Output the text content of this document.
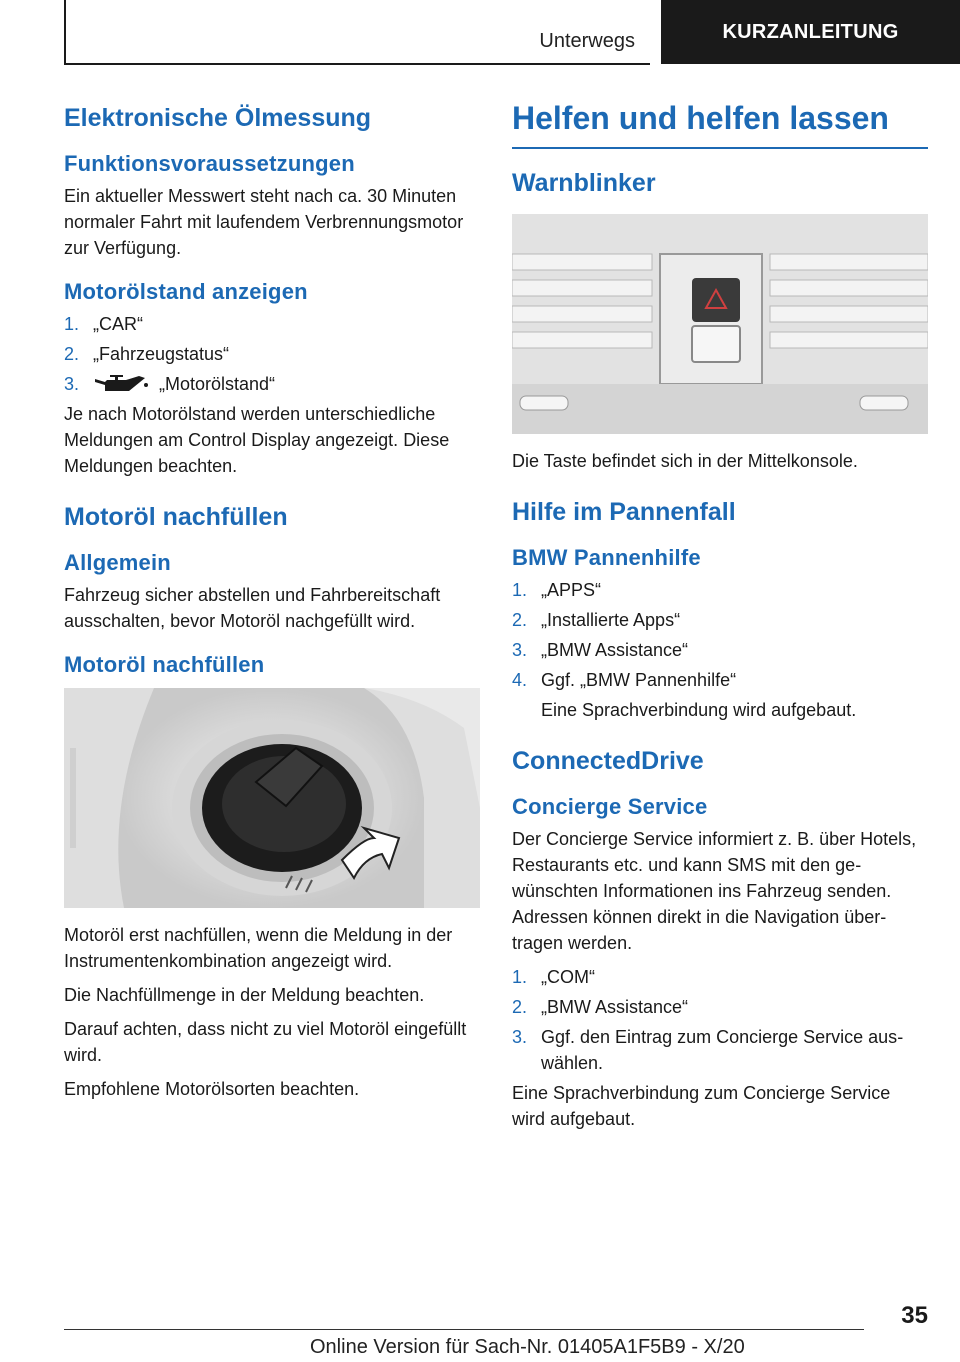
Unterwegs	KURZANLEITUNG
Elektronische Ölmessung
Funktionsvoraussetzungen

Ein aktueller Messwert steht nach ca. 30 Minuten normaler Fahrt mit laufendem Verbrennungsmotor zur Verfügung.

Motorölstand anzeigen
1. „CAR“
2. „Fahrzeugstatus“
3.	„Motorölstand“

Je nach Motorölstand werden unterschiedliche Meldungen am Control Display angezeigt. Diese Meldungen beachten.

Motoröl nachfüllen
Allgemein

Fahrzeug sicher abstellen und Fahrbereitschaft ausschalten, bevor Motoröl nachgefüllt wird.

Motoröl nachfüllen

Motoröl erst nachfüllen, wenn die Meldung in der Instrumentenkombination angezeigt wird.

Die Nachfüllmenge in der Meldung beachten.

Darauf achten, dass nicht zu viel Motoröl eingefüllt wird.

Empfohlene Motorölsorten beachten.

Helfen und helfen lassen
Warnblinker

Die Taste befindet sich in der Mittelkonsole.

Hilfe im Pannenfall
BMW Pannenhilfe
1. „APPS“
2. „Installierte Apps“
3. „BMW Assistance“
4. Ggf. „BMW Pannenhilfe“
Eine Sprachverbindung wird aufgebaut.
ConnectedDrive
Concierge Service

Der Concierge Service informiert z. B. über Hotels, Restaurants etc. und kann SMS mit den gewünschten Informationen ins Fahrzeug senden. Adressen können direkt in die Navigation übertragen werden.

1. „COM“
2. „BMW Assistance“
3. Ggf. den Eintrag zum Concierge Service auswählen.

Eine Sprachverbindung zum Concierge Service wird aufgebaut.

35
Online Version für Sach-Nr. 01405A1F5B9 - X/20
